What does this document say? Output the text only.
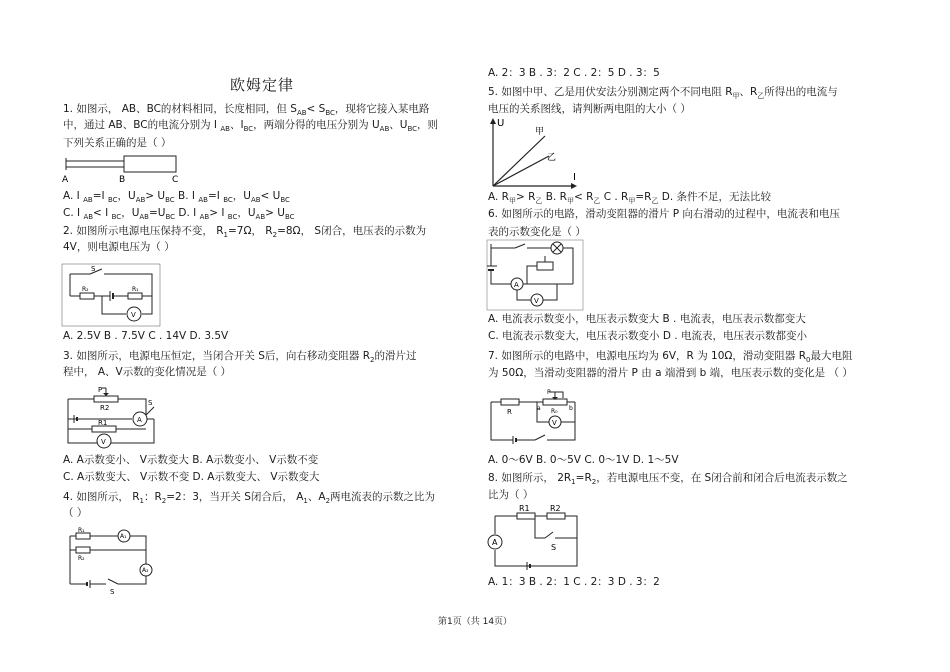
欧姆定律
1. 如图示， AB、BC的材料相同，长度相同，但 $S_{AB}< S_{BC}$，现将它接入某电路
中，通过 AB、BC的电流分别为 I $_{AB}$、$I_{BC}$，两端分得的电压分别为 $U_{AB}$、$U_{BC}$，则
下列关系正确的是（ ）
A. I $_{AB}$=I $_{BC}$，$U_{AB}> U_{BC}$ B. I $_{AB}$=I $_{BC}$，$U_{AB}< U_{BC}$
C. I $_{AB}$< I $_{BC}$，$U_{AB}=U_{BC}$ D. I $_{AB}$> I $_{BC}$，$U_{AB}> U_{BC}$
2. 如图所示电源电压保持不变， $R_1=7\Omega$， $R_2=8\Omega$， S闭合，电压表的示数为
4V，则电源电压为（ ）
A. 2.5V B . 7.5V C . 14V D. 3.5V
3. 如图所示，电源电压恒定，当闭合开关 S后，向右移动变阻器 $R_2$的滑片过
程中， A、V示数的变化情况是（ ）
A. A示数变小、 V示数变大 B. A示数变小、 V示数不变
C. A示数变大、 V示数不变 D. A示数变大、 V示数变大
4. 如图所示， $R_1$：$R_2=2$：3，当开关 S闭合后， $A_1$、$A_2$两电流表的示数之比为
（ ）
A. 2：3 B . 3：2 C . 2：5 D . 3：5
5. 如图中甲、乙是用伏安法分别测定两个不同电阻 $R_甲$、$R_乙$所得出的电流与
电压的关系图线，请判断两电阻的大小（ ）
A. $R_甲> R_乙$ B. $R_甲< R_乙$ C . $R_甲=R_乙$ D. 条件不足，无法比较
6. 如图所示的电路，滑动变阻器的滑片 P 向右滑动的过程中，电流表和电压
表的示数变化是（ ）
A. 电流表示数变小，电压表示数变大 B . 电流表，电压表示数都变大
C. 电流表示数变大，电压表示数变小 D . 电流表，电压表示数都变小
7. 如图所示的电路中，电源电压均为 6V，R 为 10Ω，滑动变阻器 $R_0$最大电阻
为 50Ω，当滑动变阻器的滑片 P 由 a 端滑到 b 端，电压表示数的变化是 （ ）
A. 0～6V B. 0～5V C. 0～1V D. 1～5V
8. 如图所示， $2R_1=R_2$，若电源电压不变，在 S闭合前和闭合后电流表示数之
比为（ ）
A. 1：3 B . 2：1 C . 2：3 D . 3：2
A	B	C
S
R₂	R₁
V
P
R2
S
A
R1
V
R₁
R₂
A₁
A₂
S
U
I
甲
乙
A
V
R	a
P
R₀ b
V
R1	R2
A
S
第1页（共 14页）
